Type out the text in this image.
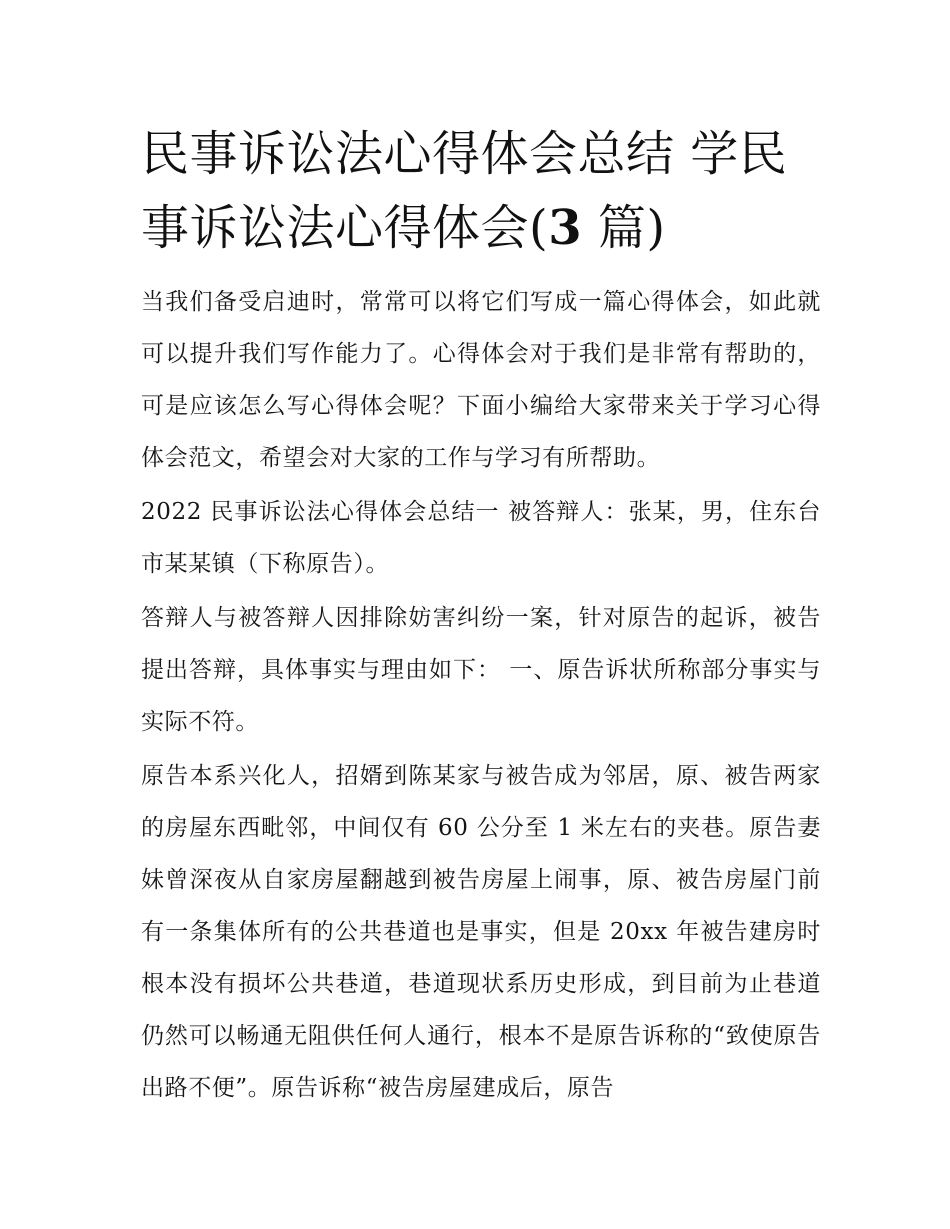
民事诉讼法心得体会总结 学民事诉讼法心得体会(3 篇)

当我们备受启迪时，常常可以将它们写成一篇心得体会，如此就可以提升我们写作能力了。心得体会对于我们是非常有帮助的，可是应该怎么写心得体会呢？下面小编给大家带来关于学习心得体会范文，希望会对大家的工作与学习有所帮助。

2022 民事诉讼法心得体会总结一 被答辩人：张某，男，住东台市某某镇（下称原告）。

答辩人与被答辩人因排除妨害纠纷一案，针对原告的起诉，被告提出答辩，具体事实与理由如下： 一、原告诉状所称部分事实与实际不符。

原告本系兴化人，招婿到陈某家与被告成为邻居，原、被告两家的房屋东西毗邻，中间仅有 60 公分至 1 米左右的夹巷。原告妻妹曾深夜从自家房屋翻越到被告房屋上闹事，原、被告房屋门前有一条集体所有的公共巷道也是事实，但是 20xx 年被告建房时根本没有损坏公共巷道，巷道现状系历史形成，到目前为止巷道仍然可以畅通无阻供任何人通行，根本不是原告诉称的“致使原告出路不便”。原告诉称“被告房屋建成后，原告
